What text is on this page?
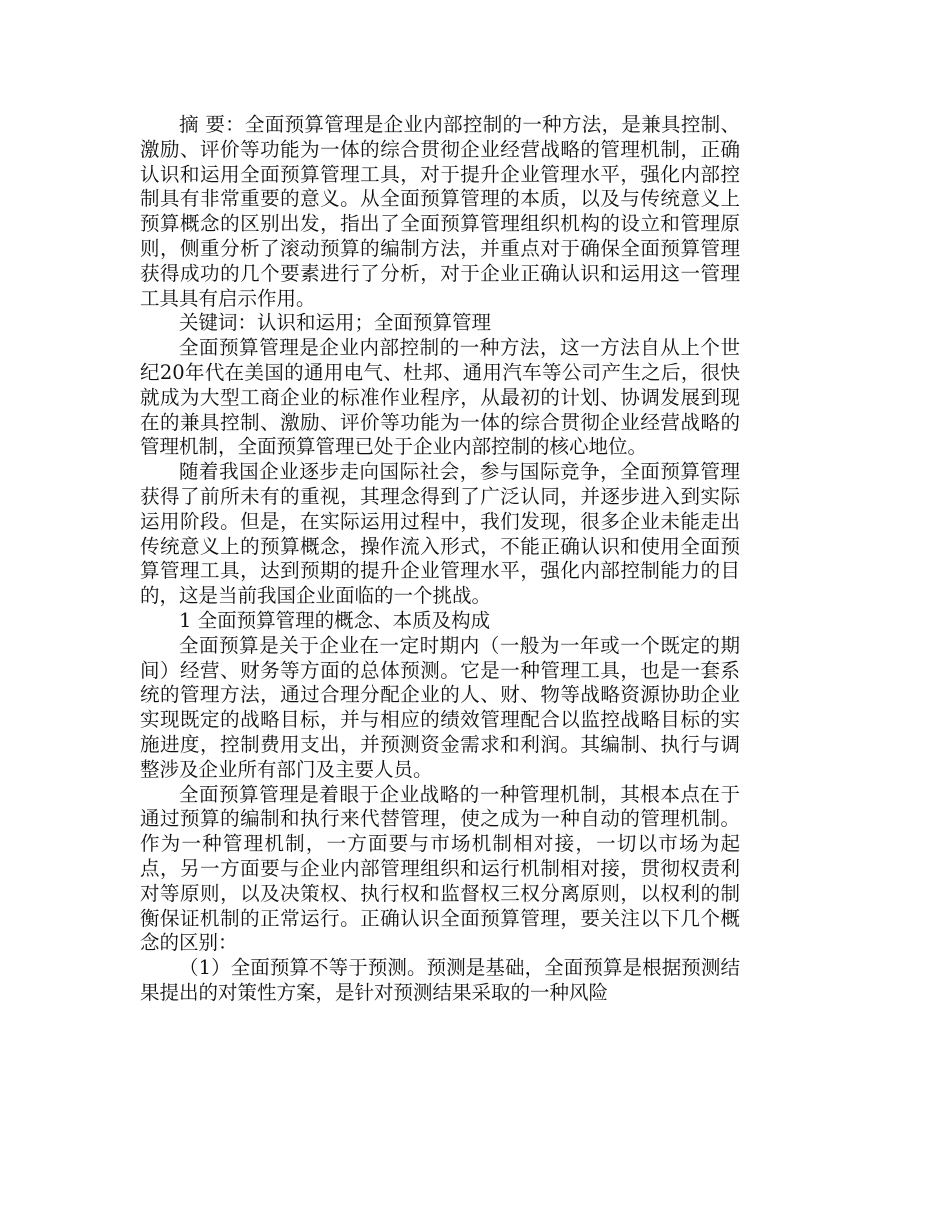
摘 要：全面预算管理是企业内部控制的一种方法，是兼具控制、激励、评价等功能为一体的综合贯彻企业经营战略的管理机制，正确认识和运用全面预算管理工具，对于提升企业管理水平，强化内部控制具有非常重要的意义。从全面预算管理的本质，以及与传统意义上预算概念的区别出发，指出了全面预算管理组织机构的设立和管理原则，侧重分析了滚动预算的编制方法，并重点对于确保全面预算管理获得成功的几个要素进行了分析，对于企业正确认识和运用这一管理工具具有启示作用。

关键词：认识和运用；全面预算管理

全面预算管理是企业内部控制的一种方法，这一方法自从上个世纪20年代在美国的通用电气、杜邦、通用汽车等公司产生之后，很快就成为大型工商企业的标准作业程序，从最初的计划、协调发展到现在的兼具控制、激励、评价等功能为一体的综合贯彻企业经营战略的管理机制，全面预算管理已处于企业内部控制的核心地位。

随着我国企业逐步走向国际社会，参与国际竞争，全面预算管理获得了前所未有的重视，其理念得到了广泛认同，并逐步进入到实际运用阶段。但是，在实际运用过程中，我们发现，很多企业未能走出传统意义上的预算概念，操作流入形式，不能正确认识和使用全面预算管理工具，达到预期的提升企业管理水平，强化内部控制能力的目的，这是当前我国企业面临的一个挑战。

1 全面预算管理的概念、本质及构成

全面预算是关于企业在一定时期内（一般为一年或一个既定的期间）经营、财务等方面的总体预测。它是一种管理工具，也是一套系统的管理方法，通过合理分配企业的人、财、物等战略资源协助企业实现既定的战略目标，并与相应的绩效管理配合以监控战略目标的实施进度，控制费用支出，并预测资金需求和利润。其编制、执行与调整涉及企业所有部门及主要人员。

全面预算管理是着眼于企业战略的一种管理机制，其根本点在于通过预算的编制和执行来代替管理，使之成为一种自动的管理机制。作为一种管理机制，一方面要与市场机制相对接，一切以市场为起点，另一方面要与企业内部管理组织和运行机制相对接，贯彻权责利对等原则，以及决策权、执行权和监督权三权分离原则，以权利的制衡保证机制的正常运行。正确认识全面预算管理，要关注以下几个概念的区别：

（1）全面预算不等于预测。预测是基础，全面预算是根据预测结果提出的对策性方案，是针对预测结果采取的一种风险
